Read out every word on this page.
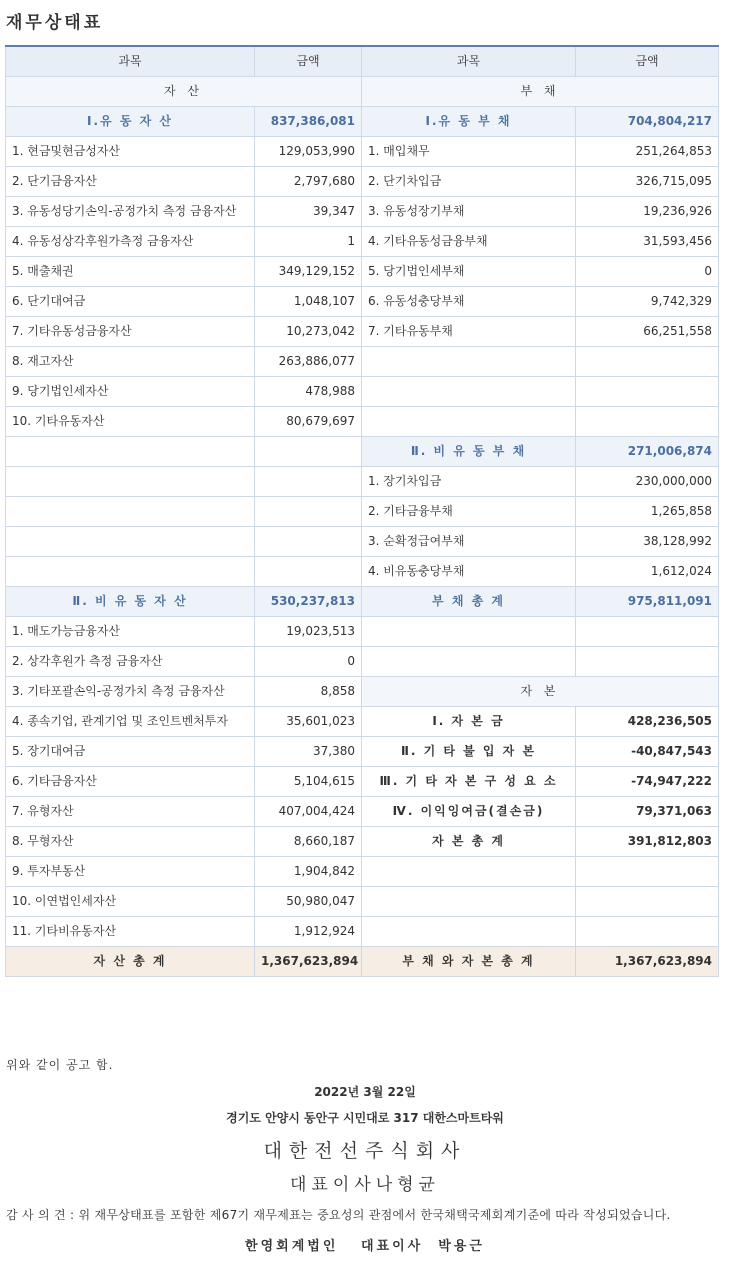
재무상태표
과목	금액	과목	금액
자 산		부 채	
Ⅰ.유 동 자 산	837,386,081	Ⅰ.유 동 부 채	704,804,217
1. 현금및현금성자산	129,053,990	1. 매입채무	251,264,853
2. 단기금융자산	2,797,680	2. 단기차입금	326,715,095
3. 유동성당기손익-공정가치 측정 금융자산	39,347	3. 유동성장기부채	19,236,926
4. 유동성상각후원가측정 금융자산	1	4. 기타유동성금융부채	31,593,456
5. 매출채권	349,129,152	5. 당기법인세부채	0
6. 단기대여금	1,048,107	6. 유동성충당부채	9,742,329
7. 기타유동성금융자산	10,273,042	7. 기타유동부채	66,251,558
8. 재고자산	263,886,077		
9. 당기법인세자산	478,988		
10. 기타유동자산	80,679,697		
		Ⅱ. 비 유 동 부 채	271,006,874
		1. 장기차입금	230,000,000
		2. 기타금융부채	1,265,858
		3. 순확정급여부채	38,128,992
		4. 비유동충당부채	1,612,024
Ⅱ. 비 유 동 자 산	530,237,813	부 채 총 계	975,811,091
1. 매도가능금융자산	19,023,513		
2. 상각후원가 측정 금융자산	0		
3. 기타포괄손익-공정가치 측정 금융자산	8,858	자 본	
4. 종속기업, 관계기업 및 조인트벤처투자	35,601,023	Ⅰ. 자 본 금	428,236,505
5. 장기대여금	37,380	Ⅱ. 기 타 불 입 자 본	-40,847,543
6. 기타금융자산	5,104,615	Ⅲ. 기 타 자 본 구 성 요 소	-74,947,222
7. 유형자산	407,004,424	Ⅳ. 이익잉여금(결손금)	79,371,063
8. 무형자산	8,660,187	자 본 총 계	391,812,803
9. 투자부동산	1,904,842		
10. 이연법인세자산	50,980,047		
11. 기타비유동자산	1,912,924		
자 산 총 계	1,367,623,894	부 채 와 자 본 총 계	1,367,623,894
위와 같이 공고 함.
2022년 3월 22일
경기도 안양시 동안구 시민대로 317 대한스마트타워
대한전선주식회사
대표이사나형균
감 사 의 견 : 위 재무상태표를 포함한 제67기 재무제표는 중요성의 관점에서 한국채택국제회계기준에 따라 작성되었습니다.
한영회계법인   대표이사  박용근
